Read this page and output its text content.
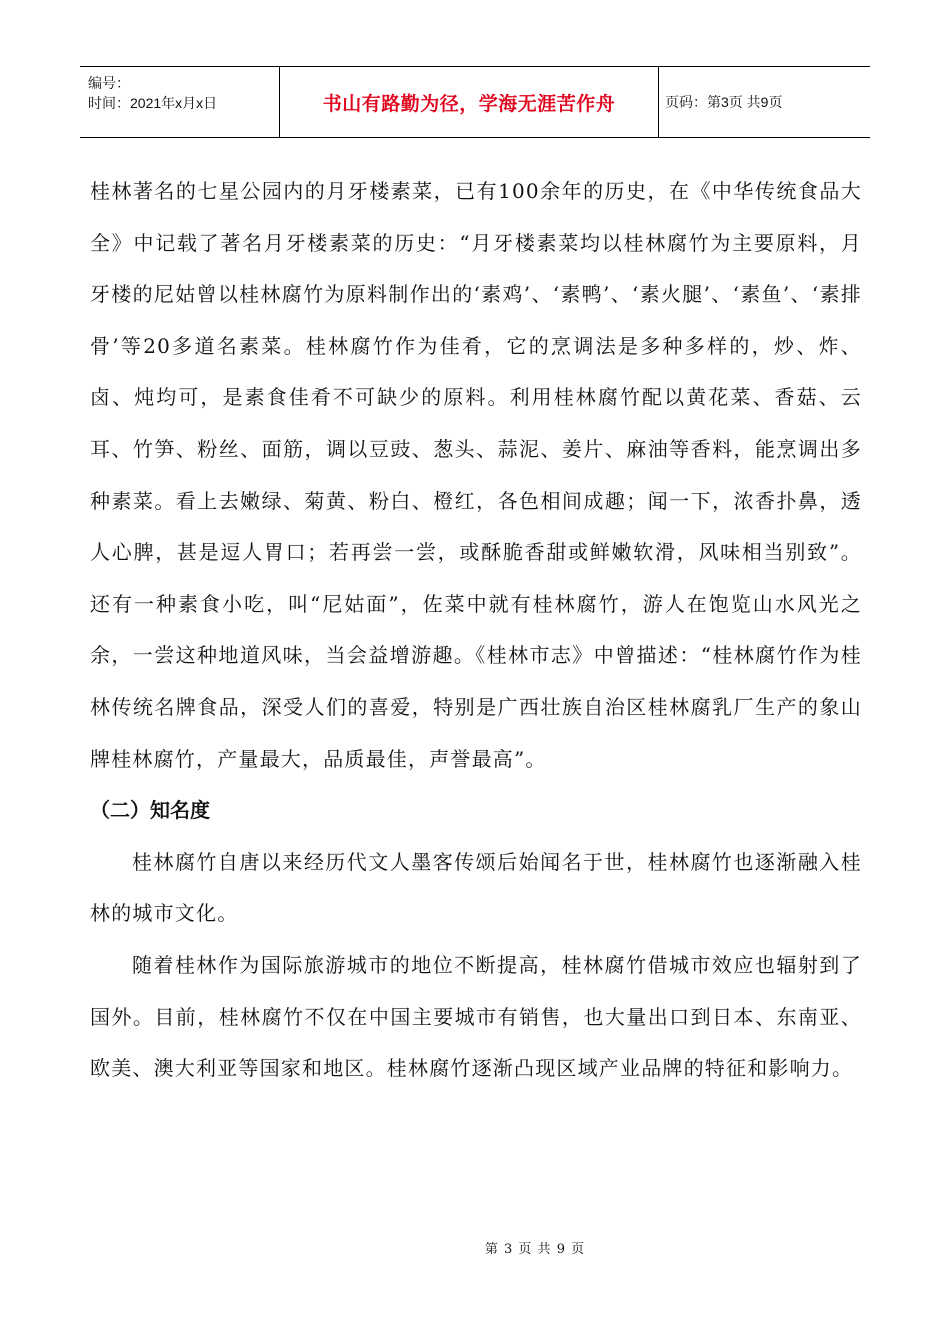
编号：
时间：2021年x月x日	书山有路勤为径，学海无涯苦作舟	页码：第3页 共9页

桂林著名的七星公园内的月牙楼素菜，已有100余年的历史，在《中华传统食品大全》中记载了著名月牙楼素菜的历史：“月牙楼素菜均以桂林腐竹为主要原料，月牙楼的尼姑曾以桂林腐竹为原料制作出的‘素鸡’、‘素鸭’、‘素火腿’、‘素鱼’、‘素排骨’等20多道名素菜。桂林腐竹作为佳肴，它的烹调法是多种多样的，炒、炸、卤、炖均可，是素食佳肴不可缺少的原料。利用桂林腐竹配以黄花菜、香菇、云耳、竹笋、粉丝、面筋，调以豆豉、葱头、蒜泥、姜片、麻油等香料，能烹调出多种素菜。看上去嫩绿、菊黄、粉白、橙红，各色相间成趣；闻一下，浓香扑鼻，透人心脾，甚是逗人胃口；若再尝一尝，或酥脆香甜或鲜嫩软滑，风味相当别致”。还有一种素食小吃，叫“尼姑面”，佐菜中就有桂林腐竹，游人在饱览山水风光之余，一尝这种地道风味，当会益增游趣。《桂林市志》中曾描述：“桂林腐竹作为桂林传统名牌食品，深受人们的喜爱，特别是广西壮族自治区桂林腐乳厂生产的象山牌桂林腐竹，产量最大，品质最佳，声誉最高”。

（二）知名度

桂林腐竹自唐以来经历代文人墨客传颂后始闻名于世，桂林腐竹也逐渐融入桂林的城市文化。

随着桂林作为国际旅游城市的地位不断提高，桂林腐竹借城市效应也辐射到了国外。目前，桂林腐竹不仅在中国主要城市有销售，也大量出口到日本、东南亚、欧美、澳大利亚等国家和地区。桂林腐竹逐渐凸现区域产业品牌的特征和影响力。

第 3 页 共 9 页
